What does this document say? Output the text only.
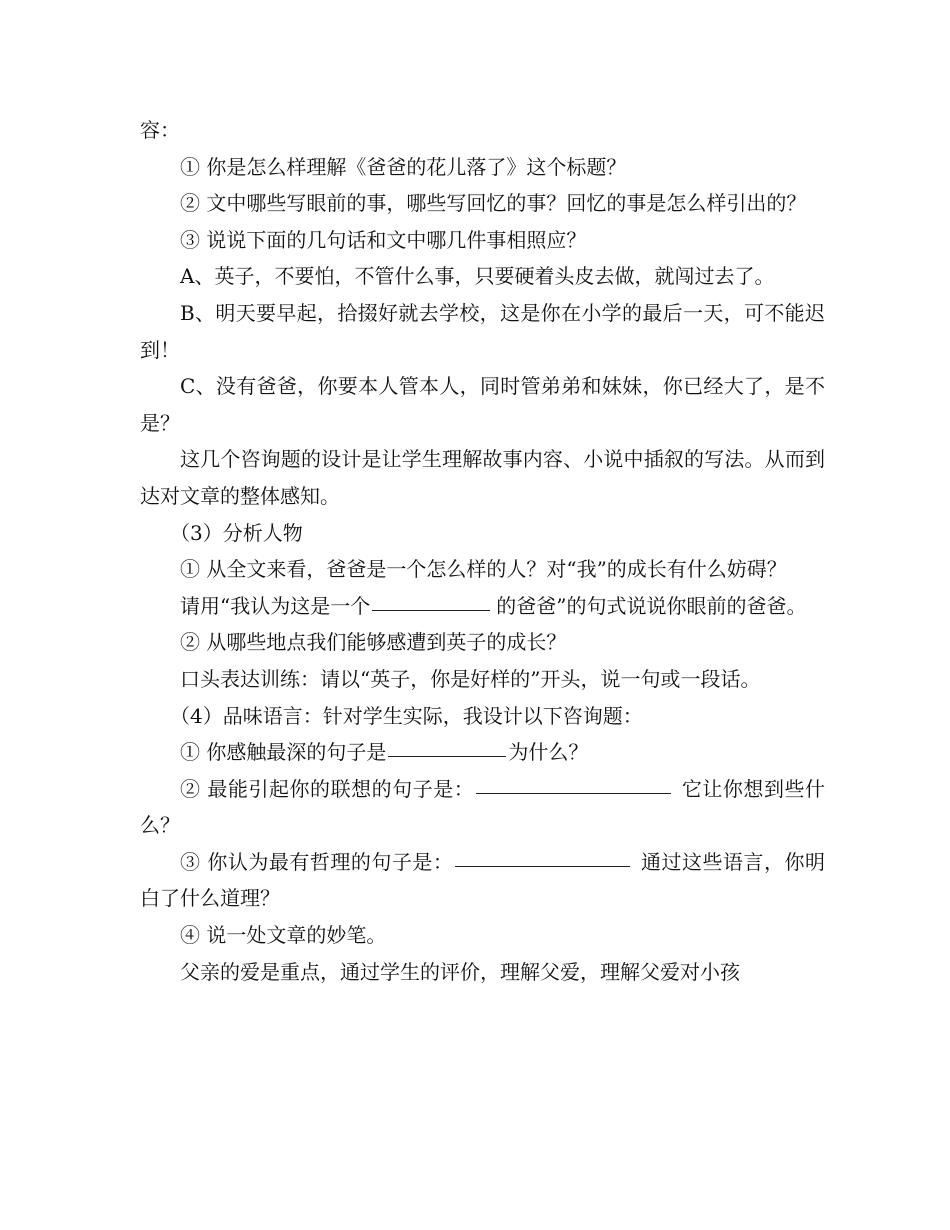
容：

① 你是怎么样理解《爸爸的花儿落了》这个标题？

② 文中哪些写眼前的事，哪些写回忆的事？回忆的事是怎么样引出的？

③ 说说下面的几句话和文中哪几件事相照应？

A、英子，不要怕，不管什么事，只要硬着头皮去做，就闯过去了。

B、明天要早起，拾掇好就去学校，这是你在小学的最后一天，可不能迟到！

C、没有爸爸，你要本人管本人，同时管弟弟和妹妹，你已经大了，是不是？

这几个咨询题的设计是让学生理解故事内容、小说中插叙的写法。从而到达对文章的整体感知。

（3）分析人物

① 从全文来看，爸爸是一个怎么样的人？对“我”的成长有什么妨碍？

请用“我认为这是一个	的爸爸”的句式说说你眼前的爸爸。

② 从哪些地点我们能够感遭到英子的成长？

口头表达训练：请以“英子，你是好样的”开头，说一句或一段话。

（4）品味语言：针对学生实际，我设计以下咨询题：

① 你感触最深的句子是	为什么？

② 最能引起你的联想的句子是：	它让你想到些什么？

③ 你认为最有哲理的句子是：	通过这些语言，你明白了什么道理？

④ 说一处文章的妙笔。

父亲的爱是重点，通过学生的评价，理解父爱，理解父爱对小孩
